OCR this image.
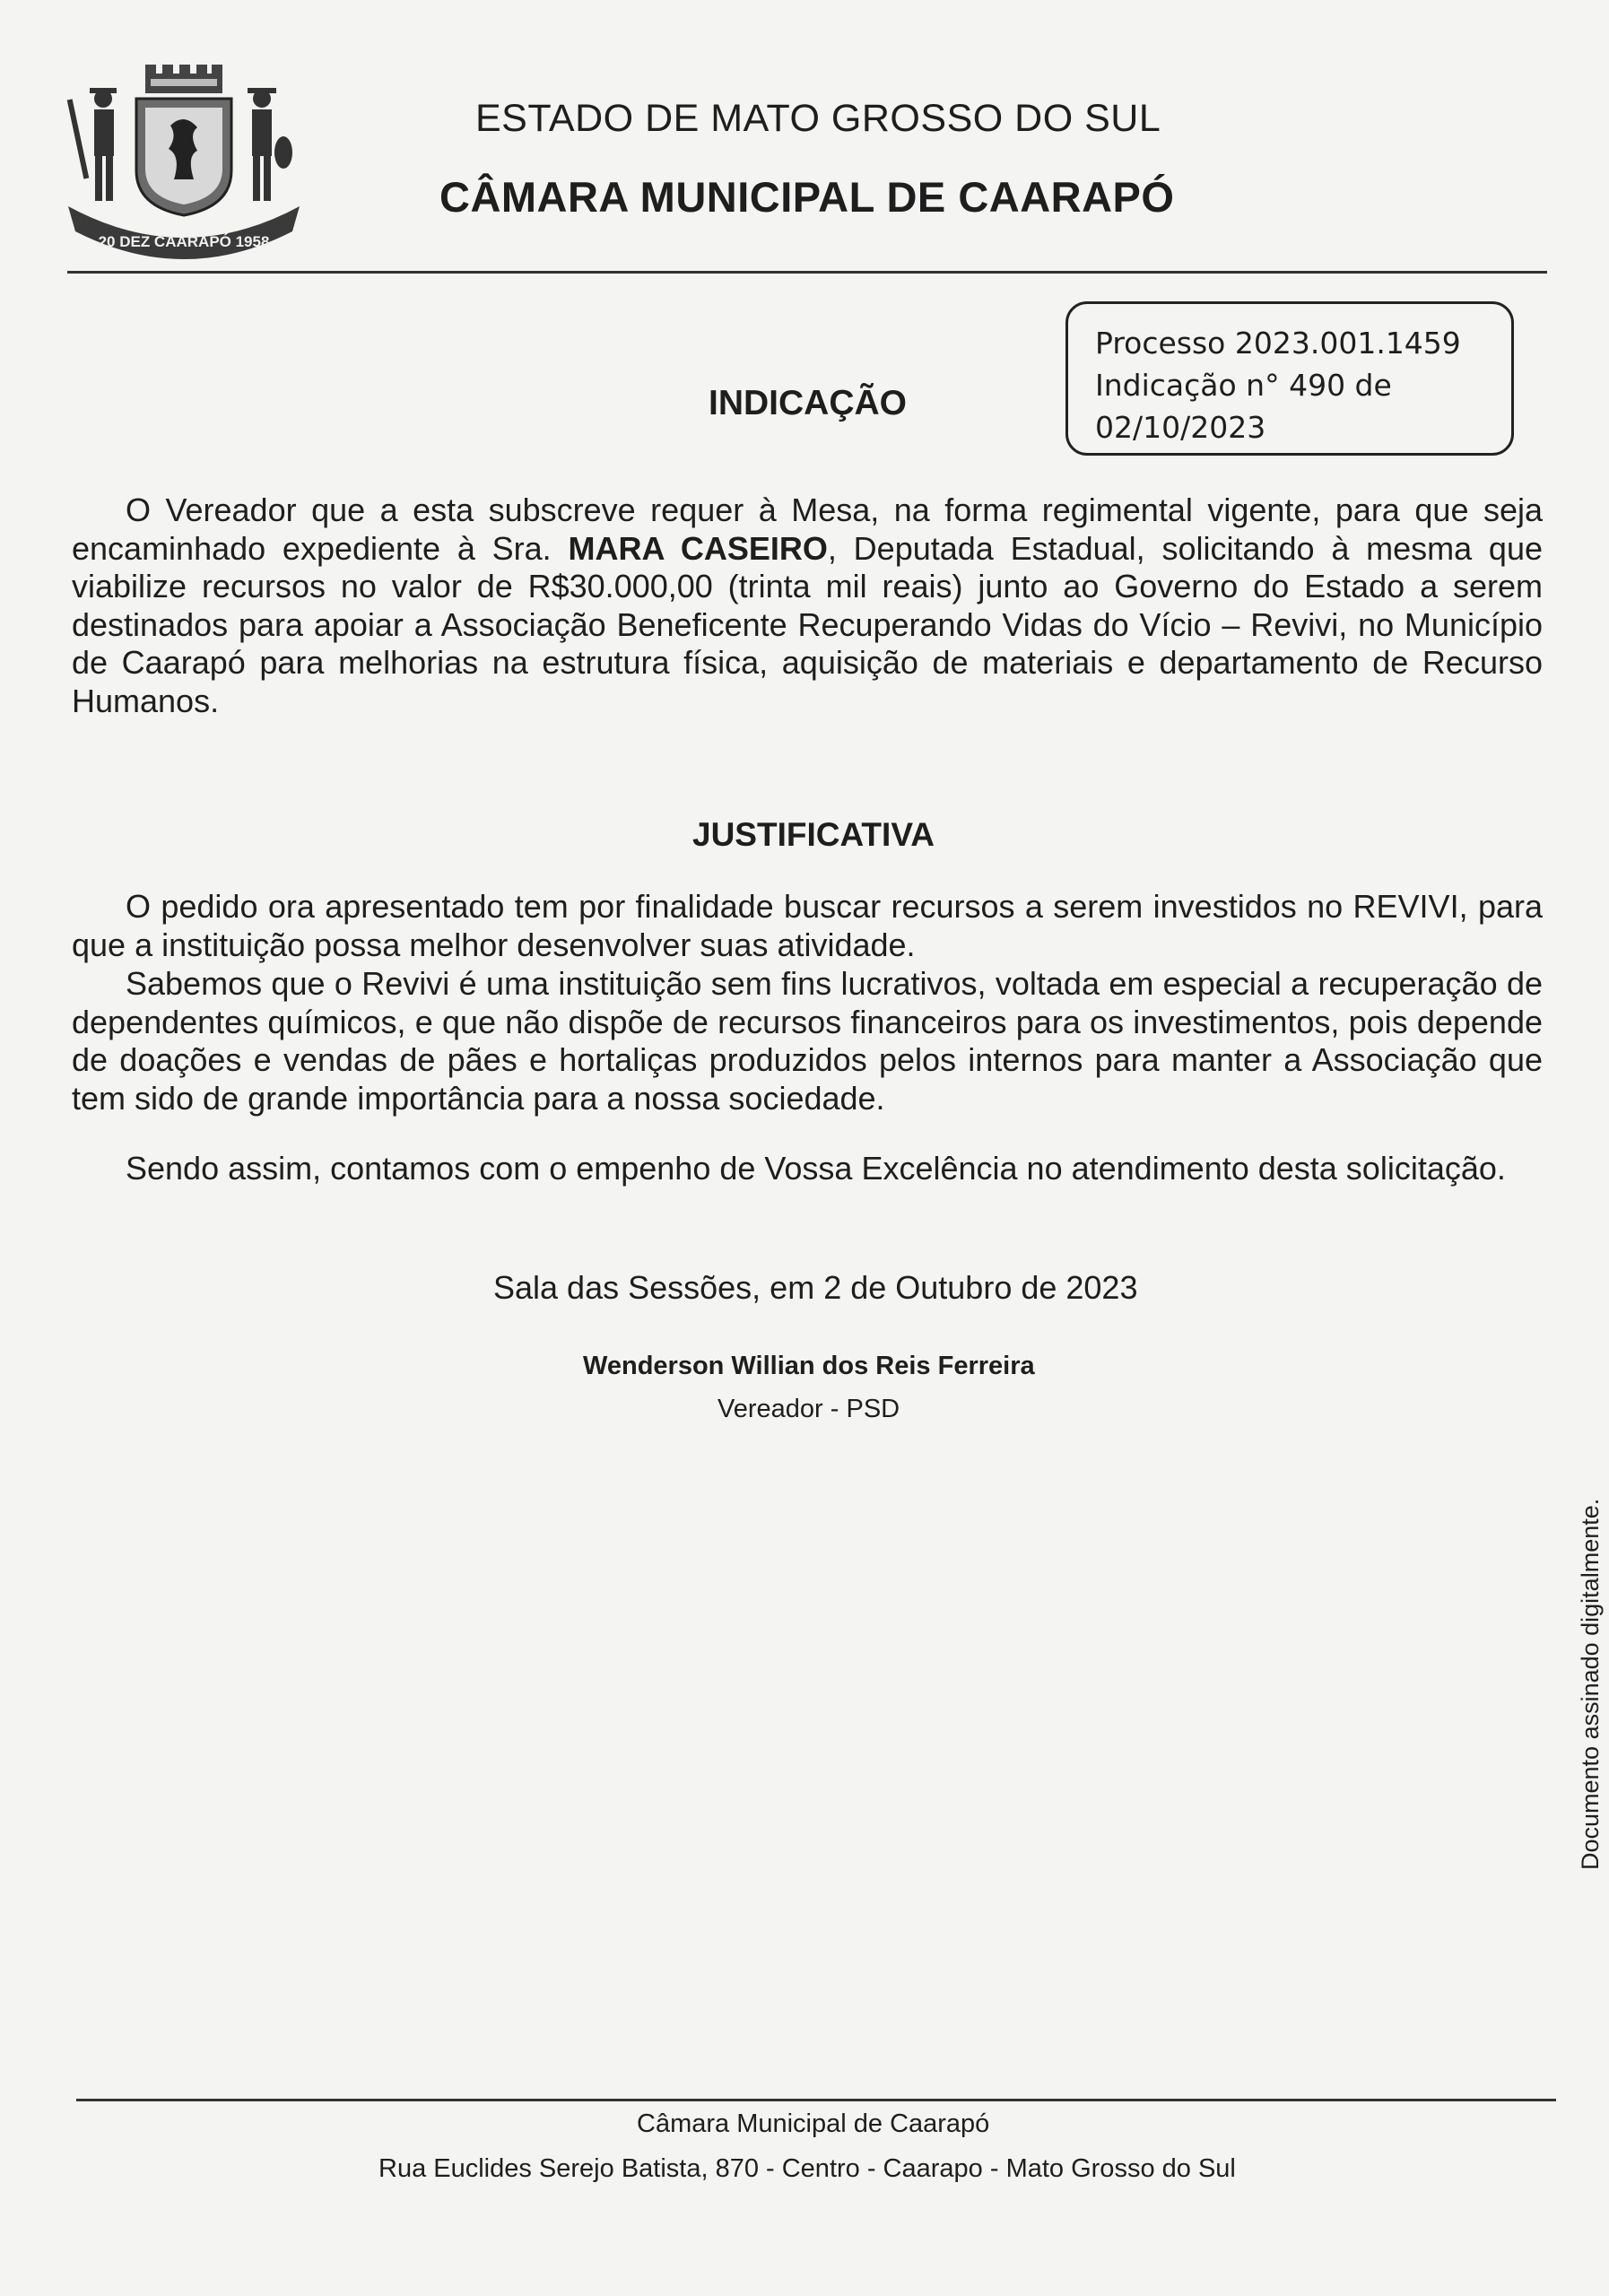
20 DEZ CAARAPÓ 1958
ESTADO DE MATO GROSSO DO SUL
CÂMARA MUNICIPAL DE CAARAPÓ
Processo 2023.001.1459
Indicação n° 490 de
02/10/2023
INDICAÇÃO

O Vereador que a esta subscreve requer à Mesa, na forma regimental vigente, para que seja encaminhado expediente à Sra. MARA CASEIRO, Deputada Estadual, solicitando à mesma que viabilize recursos no valor de R$30.000,00 (trinta mil reais) junto ao Governo do Estado a serem destinados para apoiar a Associação Beneficente Recuperando Vidas do Vício – Revivi, no Município de Caarapó para melhorias na estrutura física, aquisição de materiais e departamento de Recurso Humanos.

JUSTIFICATIVA

O pedido ora apresentado tem por finalidade buscar recursos a serem investidos no REVIVI, para que a instituição possa melhor desenvolver suas atividade.

Sabemos que o Revivi é uma instituição sem fins lucrativos, voltada em especial a recuperação de dependentes químicos, e que não dispõe de recursos financeiros para os investimentos, pois depende de doações e vendas de pães e hortaliças produzidos pelos internos para manter a Associação que tem sido de grande importância para a nossa sociedade.

Sendo assim, contamos com o empenho de Vossa Excelência no atendimento desta solicitação.

Sala das Sessões, em 2 de Outubro de 2023
Wenderson Willian dos Reis Ferreira
Vereador - PSD
Documento assinado digitalmente.
Câmara Municipal de Caarapó
Rua Euclides Serejo Batista, 870 - Centro - Caarapo - Mato Grosso do Sul
